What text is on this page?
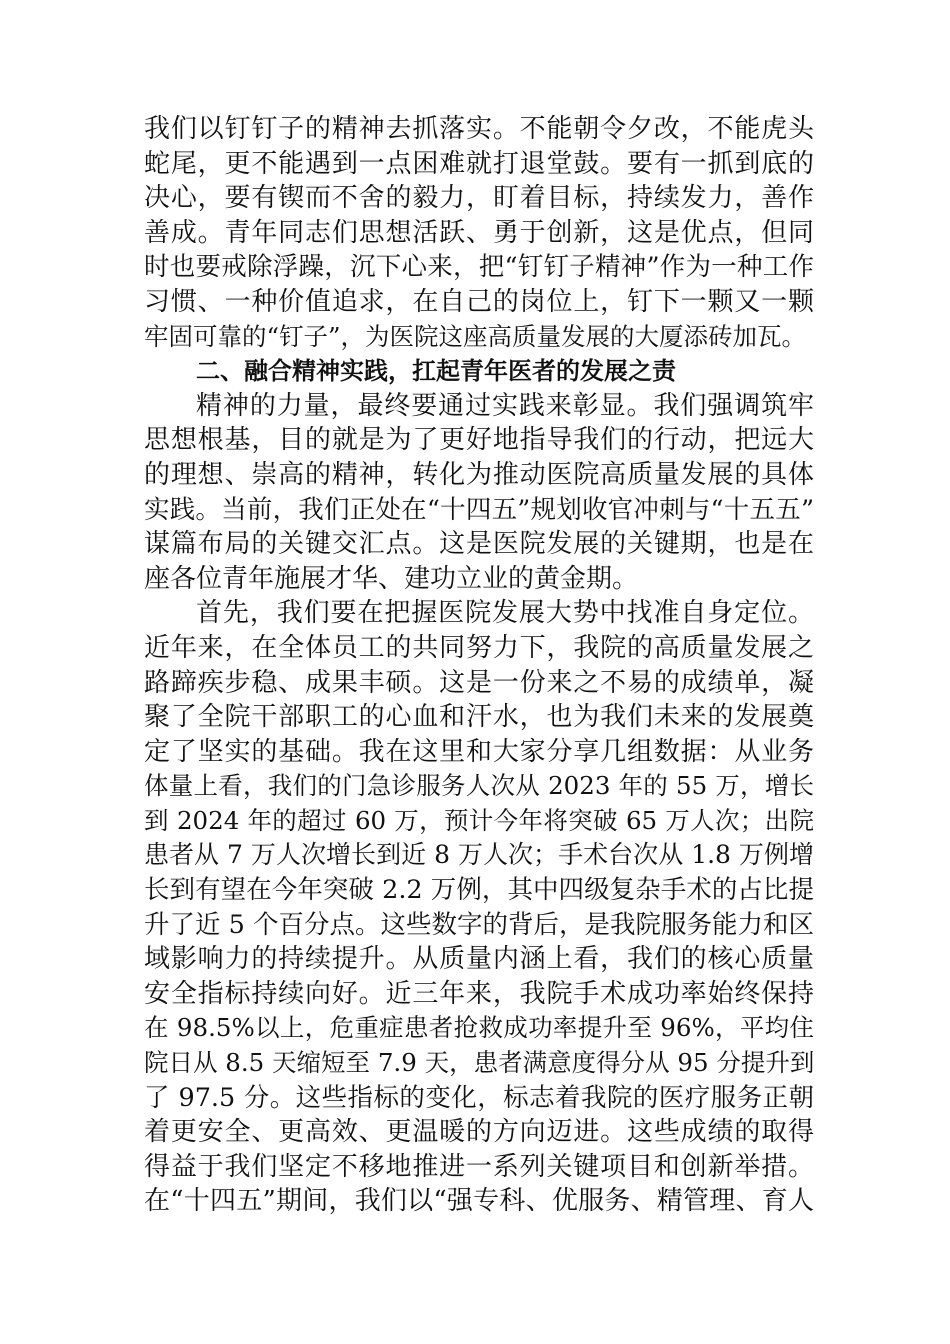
我们以钉钉子的精神去抓落实。不能朝令夕改，不能虎头
蛇尾，更不能遇到一点困难就打退堂鼓。要有一抓到底的
决心，要有锲而不舍的毅力，盯着目标，持续发力，善作
善成。青年同志们思想活跃、勇于创新，这是优点，但同
时也要戒除浮躁，沉下心来，把“钉钉子精神”作为一种工作
习惯、一种价值追求，在自己的岗位上，钉下一颗又一颗
牢固可靠的“钉子”，为医院这座高质量发展的大厦添砖加瓦。
二、融合精神实践，扛起青年医者的发展之责
精神的力量，最终要通过实践来彰显。我们强调筑牢
思想根基，目的就是为了更好地指导我们的行动，把远大
的理想、崇高的精神，转化为推动医院高质量发展的具体
实践。当前，我们正处在“十四五”规划收官冲刺与“十五五”
谋篇布局的关键交汇点。这是医院发展的关键期，也是在
座各位青年施展才华、建功立业的黄金期。
首先，我们要在把握医院发展大势中找准自身定位。
近年来，在全体员工的共同努力下，我院的高质量发展之
路蹄疾步稳、成果丰硕。这是一份来之不易的成绩单，凝
聚了全院干部职工的心血和汗水，也为我们未来的发展奠
定了坚实的基础。我在这里和大家分享几组数据：从业务
体量上看，我们的门急诊服务人次从 2023 年的 55 万，增长
到 2024 年的超过 60 万，预计今年将突破 65 万人次；出院
患者从 7 万人次增长到近 8 万人次；手术台次从 1.8 万例增
长到有望在今年突破 2.2 万例，其中四级复杂手术的占比提
升了近 5 个百分点。这些数字的背后，是我院服务能力和区
域影响力的持续提升。从质量内涵上看，我们的核心质量
安全指标持续向好。近三年来，我院手术成功率始终保持
在 98.5%以上，危重症患者抢救成功率提升至 96%，平均住
院日从 8.5 天缩短至 7.9 天，患者满意度得分从 95 分提升到
了 97.5 分。这些指标的变化，标志着我院的医疗服务正朝
着更安全、更高效、更温暖的方向迈进。这些成绩的取得
得益于我们坚定不移地推进一系列关键项目和创新举措。
在“十四五”期间，我们以“强专科、优服务、精管理、育人
